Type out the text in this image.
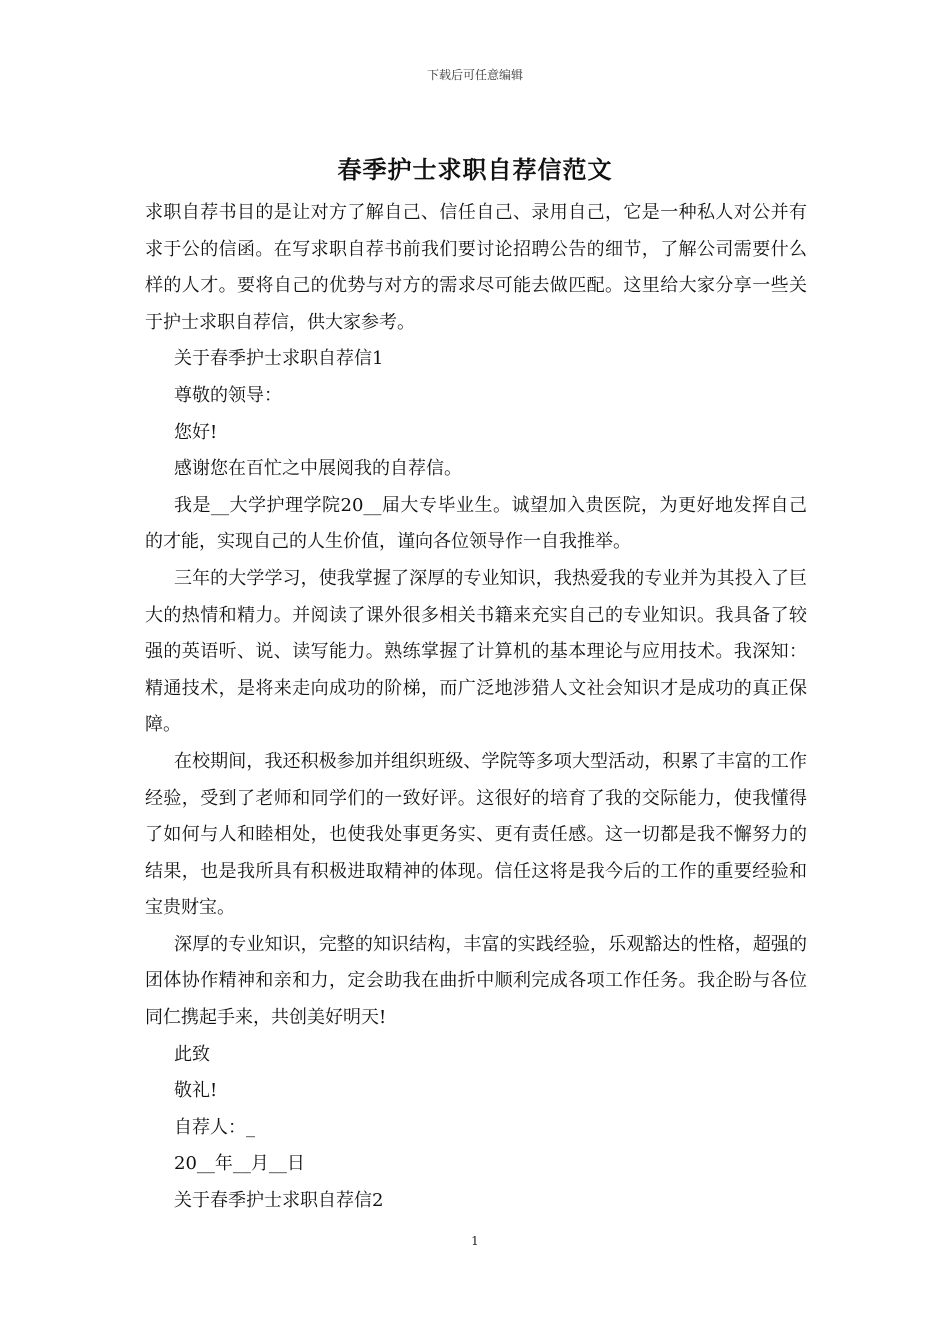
下载后可任意编辑
春季护士求职自荐信范文

求职自荐书目的是让对方了解自己、信任自己、录用自己，它是一种私人对公并有求于公的信函。在写求职自荐书前我们要讨论招聘公告的细节，了解公司需要什么样的人才。要将自己的优势与对方的需求尽可能去做匹配。这里给大家分享一些关于护士求职自荐信，供大家参考。

关于春季护士求职自荐信1

尊敬的领导：

您好!

感谢您在百忙之中展阅我的自荐信。

我是__大学护理学院20__届大专毕业生。诚望加入贵医院，为更好地发挥自己的才能，实现自己的人生价值，谨向各位领导作一自我推举。

三年的大学学习，使我掌握了深厚的专业知识，我热爱我的专业并为其投入了巨大的热情和精力。并阅读了课外很多相关书籍来充实自己的专业知识。我具备了较强的英语听、说、读写能力。熟练掌握了计算机的基本理论与应用技术。我深知：精通技术，是将来走向成功的阶梯，而广泛地涉猎人文社会知识才是成功的真正保障。

在校期间，我还积极参加并组织班级、学院等多项大型活动，积累了丰富的工作经验，受到了老师和同学们的一致好评。这很好的培育了我的交际能力，使我懂得了如何与人和睦相处，也使我处事更务实、更有责任感。这一切都是我不懈努力的结果，也是我所具有积极进取精神的体现。信任这将是我今后的工作的重要经验和宝贵财宝。

深厚的专业知识，完整的知识结构，丰富的实践经验，乐观豁达的性格，超强的团体协作精神和亲和力，定会助我在曲折中顺利完成各项工作任务。我企盼与各位同仁携起手来，共创美好明天!

此致

敬礼!

自荐人：_

20__年__月__日

关于春季护士求职自荐信2

1
